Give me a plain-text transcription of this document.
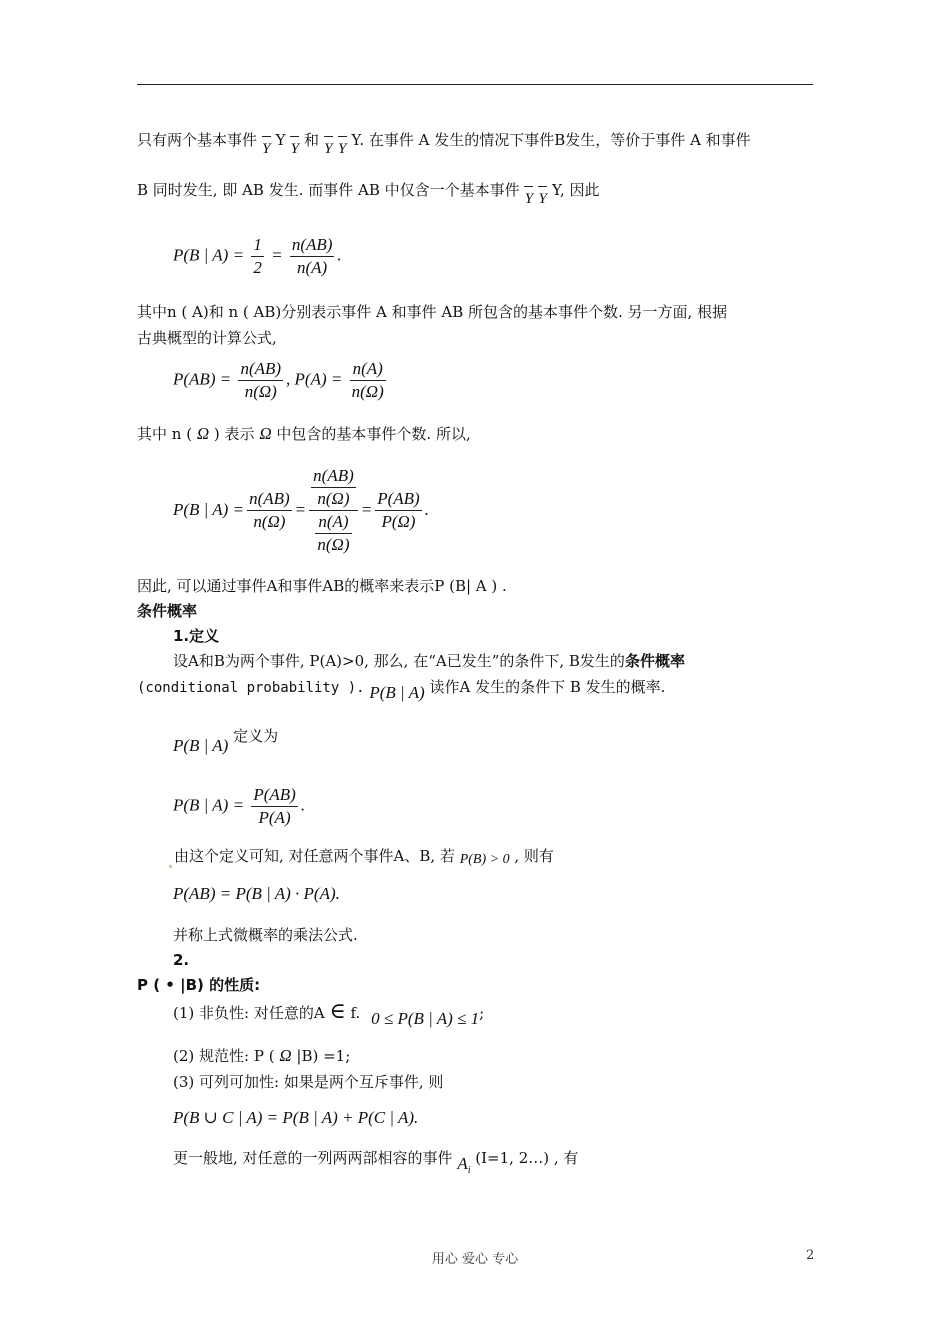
只有两个基本事件 Y Y Y 和 Y Y Y. 在事件 A 发生的情况下事件B发生，等价于事件 A 和事件
B 同时发生, 即 AB 发生. 而事件 AB 中仅含一个基本事件 Y Y Y, 因此
P(B | $A) = \frac{1}{2} = \frac{n(AB)}{n(A)}$ .
其中n ( A)和 n ( AB)分别表示事件 A 和事件 AB 所包含的基本事件个数. 另一方面, 根据
古典概型的计算公式,
$P(AB) = \frac{n(AB)}{n(\Omega)}$ , $P(A) = \frac{n(A)}{n(\Omega)}$
其中 n ( Ω ) 表示 Ω 中包含的基本事件个数. 所以,
P(B | A) =
n(AB)
n(Ω)
= $\frac{n(AB)}{n(\Omega)}$
$\frac{n(A)}{n(\Omega)}$
=
P(AB)
P(Ω)
.
因此, 可以通过事件A和事件AB的概率来表示P (B| A ) .
条件概率
1.定义
设A和B为两个事件, P(A)>0, 那么, 在“A已发生”的条件下, B发生的条件概率
(conditional probability ). P(B | A) 读作A 发生的条件下 B 发生的概率.
P(B | A) 定义为
P(B | $A) = \frac{P(AB)}{P(A)}$ .
由这个定义可知, 对任意两个事件A、B, 若 P(B) > 0 , 则有
P(AB) = P(B | A) · P(A).
并称上式微概率的乘法公式.
2.
P ( • |B) 的性质:
(1) 非负性: 对任意的A ∈ f. 0 ≤ P(B | A) ≤ 1;
(2) 规范性: P ( Ω |B) =1;
(3) 可列可加性: 如果是两个互斥事件, 则
P(B ∪ C | A) = P(B | A) + P(C | A).
更一般地, 对任意的一列两两部相容的事件 $A_i$ (I=1, 2…) , 有
用心 爱心 专心	2
